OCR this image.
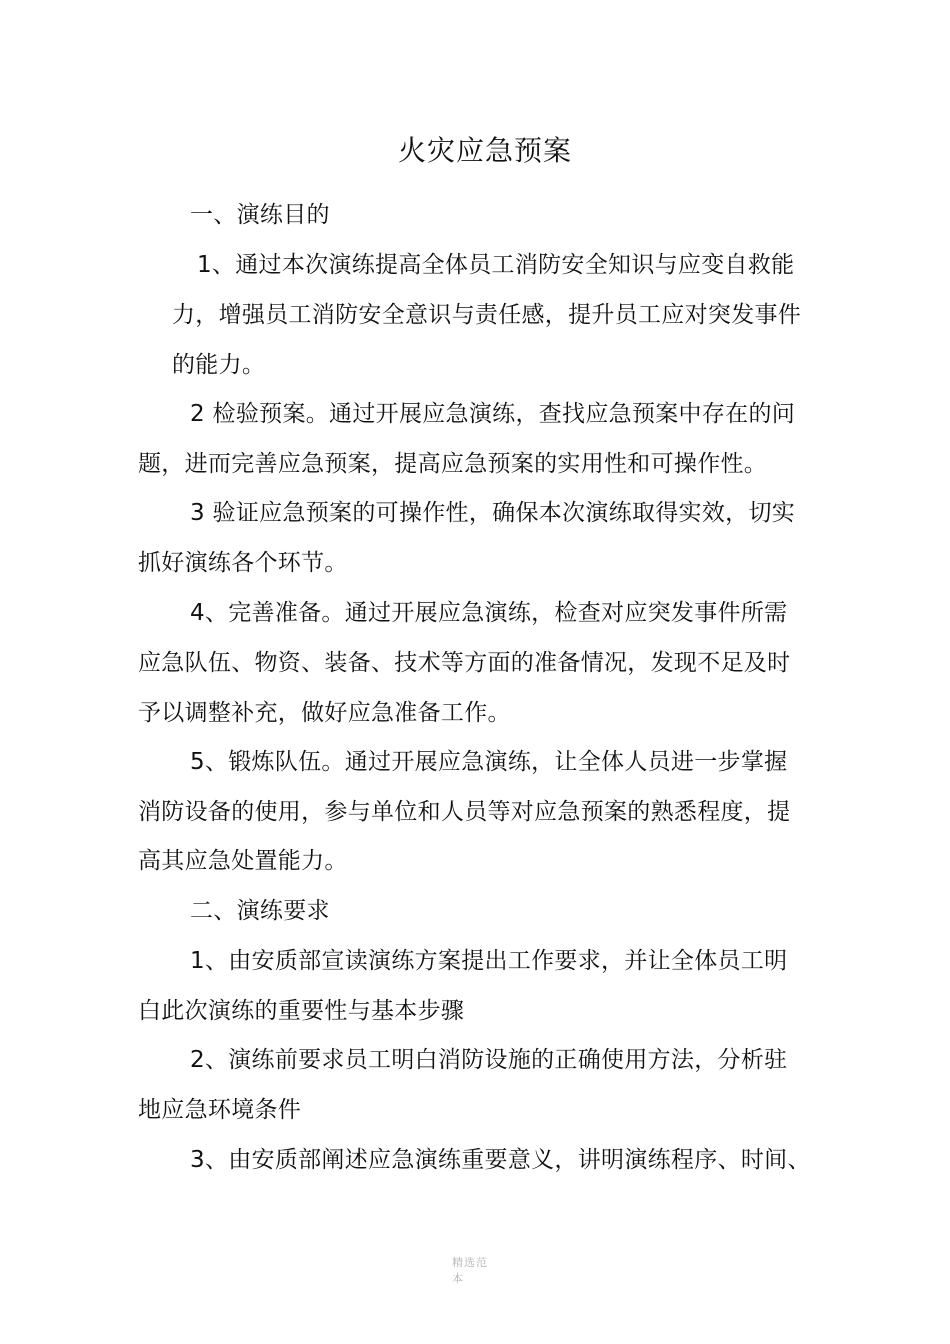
火灾应急预案
一、演练目的
1、通过本次演练提高全体员工消防安全知识与应变自救能
力，增强员工消防安全意识与责任感，提升员工应对突发事件
的能力。
2 检验预案。通过开展应急演练，查找应急预案中存在的问
题，进而完善应急预案，提高应急预案的实用性和可操作性。
3 验证应急预案的可操作性，确保本次演练取得实效，切实
抓好演练各个环节。
4、完善准备。通过开展应急演练，检查对应突发事件所需
应急队伍、物资、装备、技术等方面的准备情况，发现不足及时
予以调整补充，做好应急准备工作。
5、锻炼队伍。通过开展应急演练，让全体人员进一步掌握
消防设备的使用，参与单位和人员等对应急预案的熟悉程度，提
高其应急处置能力。
二、演练要求
1、由安质部宣读演练方案提出工作要求，并让全体员工明
白此次演练的重要性与基本步骤
2、演练前要求员工明白消防设施的正确使用方法，分析驻
地应急环境条件
3、由安质部阐述应急演练重要意义，讲明演练程序、时间、
精选范本
